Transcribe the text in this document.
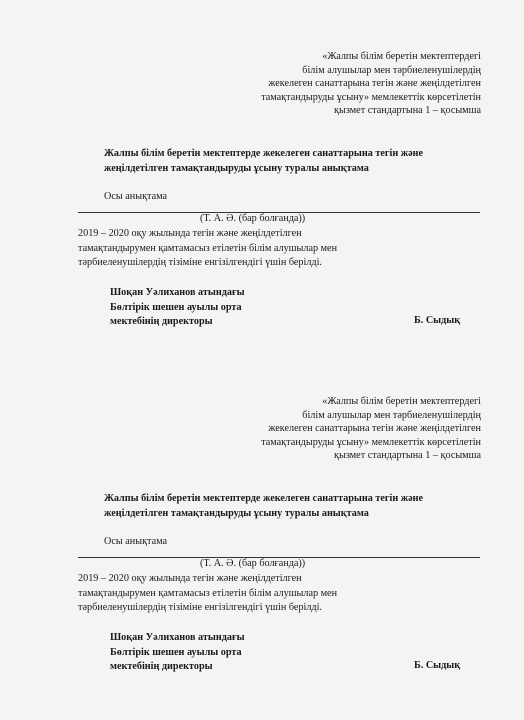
«Жалпы білім беретін мектептердегі
білім алушылар мен тәрбиеленушілердің
жекелеген санаттарына тегін және жеңілдетілген
тамақтандыруды ұсыну» мемлекеттік көрсетілетін
қызмет стандартына 1 – қосымша
Жалпы білім беретін мектептерде жекелеген санаттарына тегін және
жеңілдетілген тамақтандыруды ұсыну туралы анықтама
Осы анықтама
(Т. А. Ә. (бар болғанда))
2019 – 2020 оқу жылында тегін және жеңілдетілген
тамақтандырумен қамтамасыз етілетін білім алушылар мен
тәрбиеленушілердің тізіміне енгізілгендігі үшін берілді.
Шоқан Уәлиханов атындағы
Бөлтірік шешен ауылы орта
мектебінің директоры	Б. Сыдық
«Жалпы білім беретін мектептердегі
білім алушылар мен тәрбиеленушілердің
жекелеген санаттарына тегін және жеңілдетілген
тамақтандыруды ұсыну» мемлекеттік көрсетілетін
қызмет стандартына 1 – қосымша
Жалпы білім беретін мектептерде жекелеген санаттарына тегін және
жеңілдетілген тамақтандыруды ұсыну туралы анықтама
Осы анықтама
(Т. А. Ә. (бар болғанда))
2019 – 2020 оқу жылында тегін және жеңілдетілген
тамақтандырумен қамтамасыз етілетін білім алушылар мен
тәрбиеленушілердің тізіміне енгізілгендігі үшін берілді.
Шоқан Уәлиханов атындағы
Бөлтірік шешен ауылы орта
мектебінің директоры	Б. Сыдық
